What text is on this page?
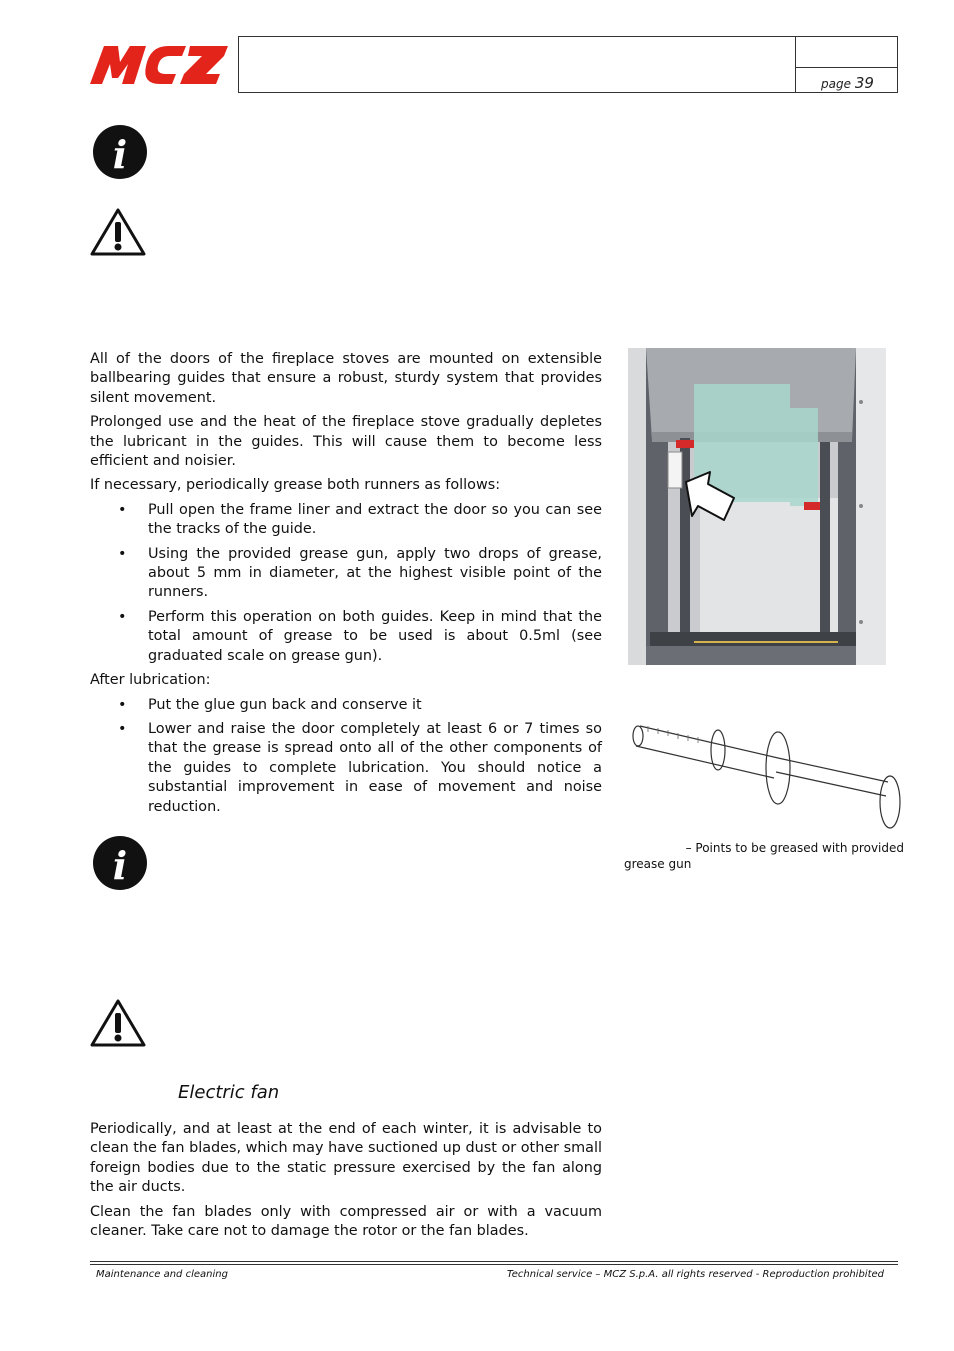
page 39
i

All of the doors of the fireplace stoves are mounted on extensible ballbearing guides that ensure a robust, sturdy system that provides silent movement.

Prolonged use and the heat of the fireplace stove gradually depletes the lubricant in the guides. This will cause them to become less efficient and noisier.

If necessary, periodically grease both runners as follows:

• Pull open the frame liner and extract the door so you can see the tracks of the guide.
• Using the provided grease gun, apply two drops of grease, about 5 mm in diameter, at the highest visible point of the runners.
• Perform this operation on both guides. Keep in mind that the total amount of grease to be used is about 0.5ml (see graduated scale on grease gun).

After lubrication:

• Put the glue gun back and conserve it
• Lower and raise the door completely at least 6 or 7 times so that the grease is spread onto all of the other components of the guides to complete lubrication. You should notice a substantial improvement in ease of movement and noise reduction.
– Points to be greased with provided
grease gun
i
Electric fan

Periodically, and at least at the end of each winter, it is advisable to clean the fan blades, which may have suctioned up dust or other small foreign bodies due to the static pressure exercised by the fan along the air ducts.

Clean the fan blades only with compressed air or with a vacuum cleaner. Take care not to damage the rotor or the fan blades.

Maintenance and cleaning	Technical service – MCZ S.p.A. all rights reserved - Reproduction prohibited
